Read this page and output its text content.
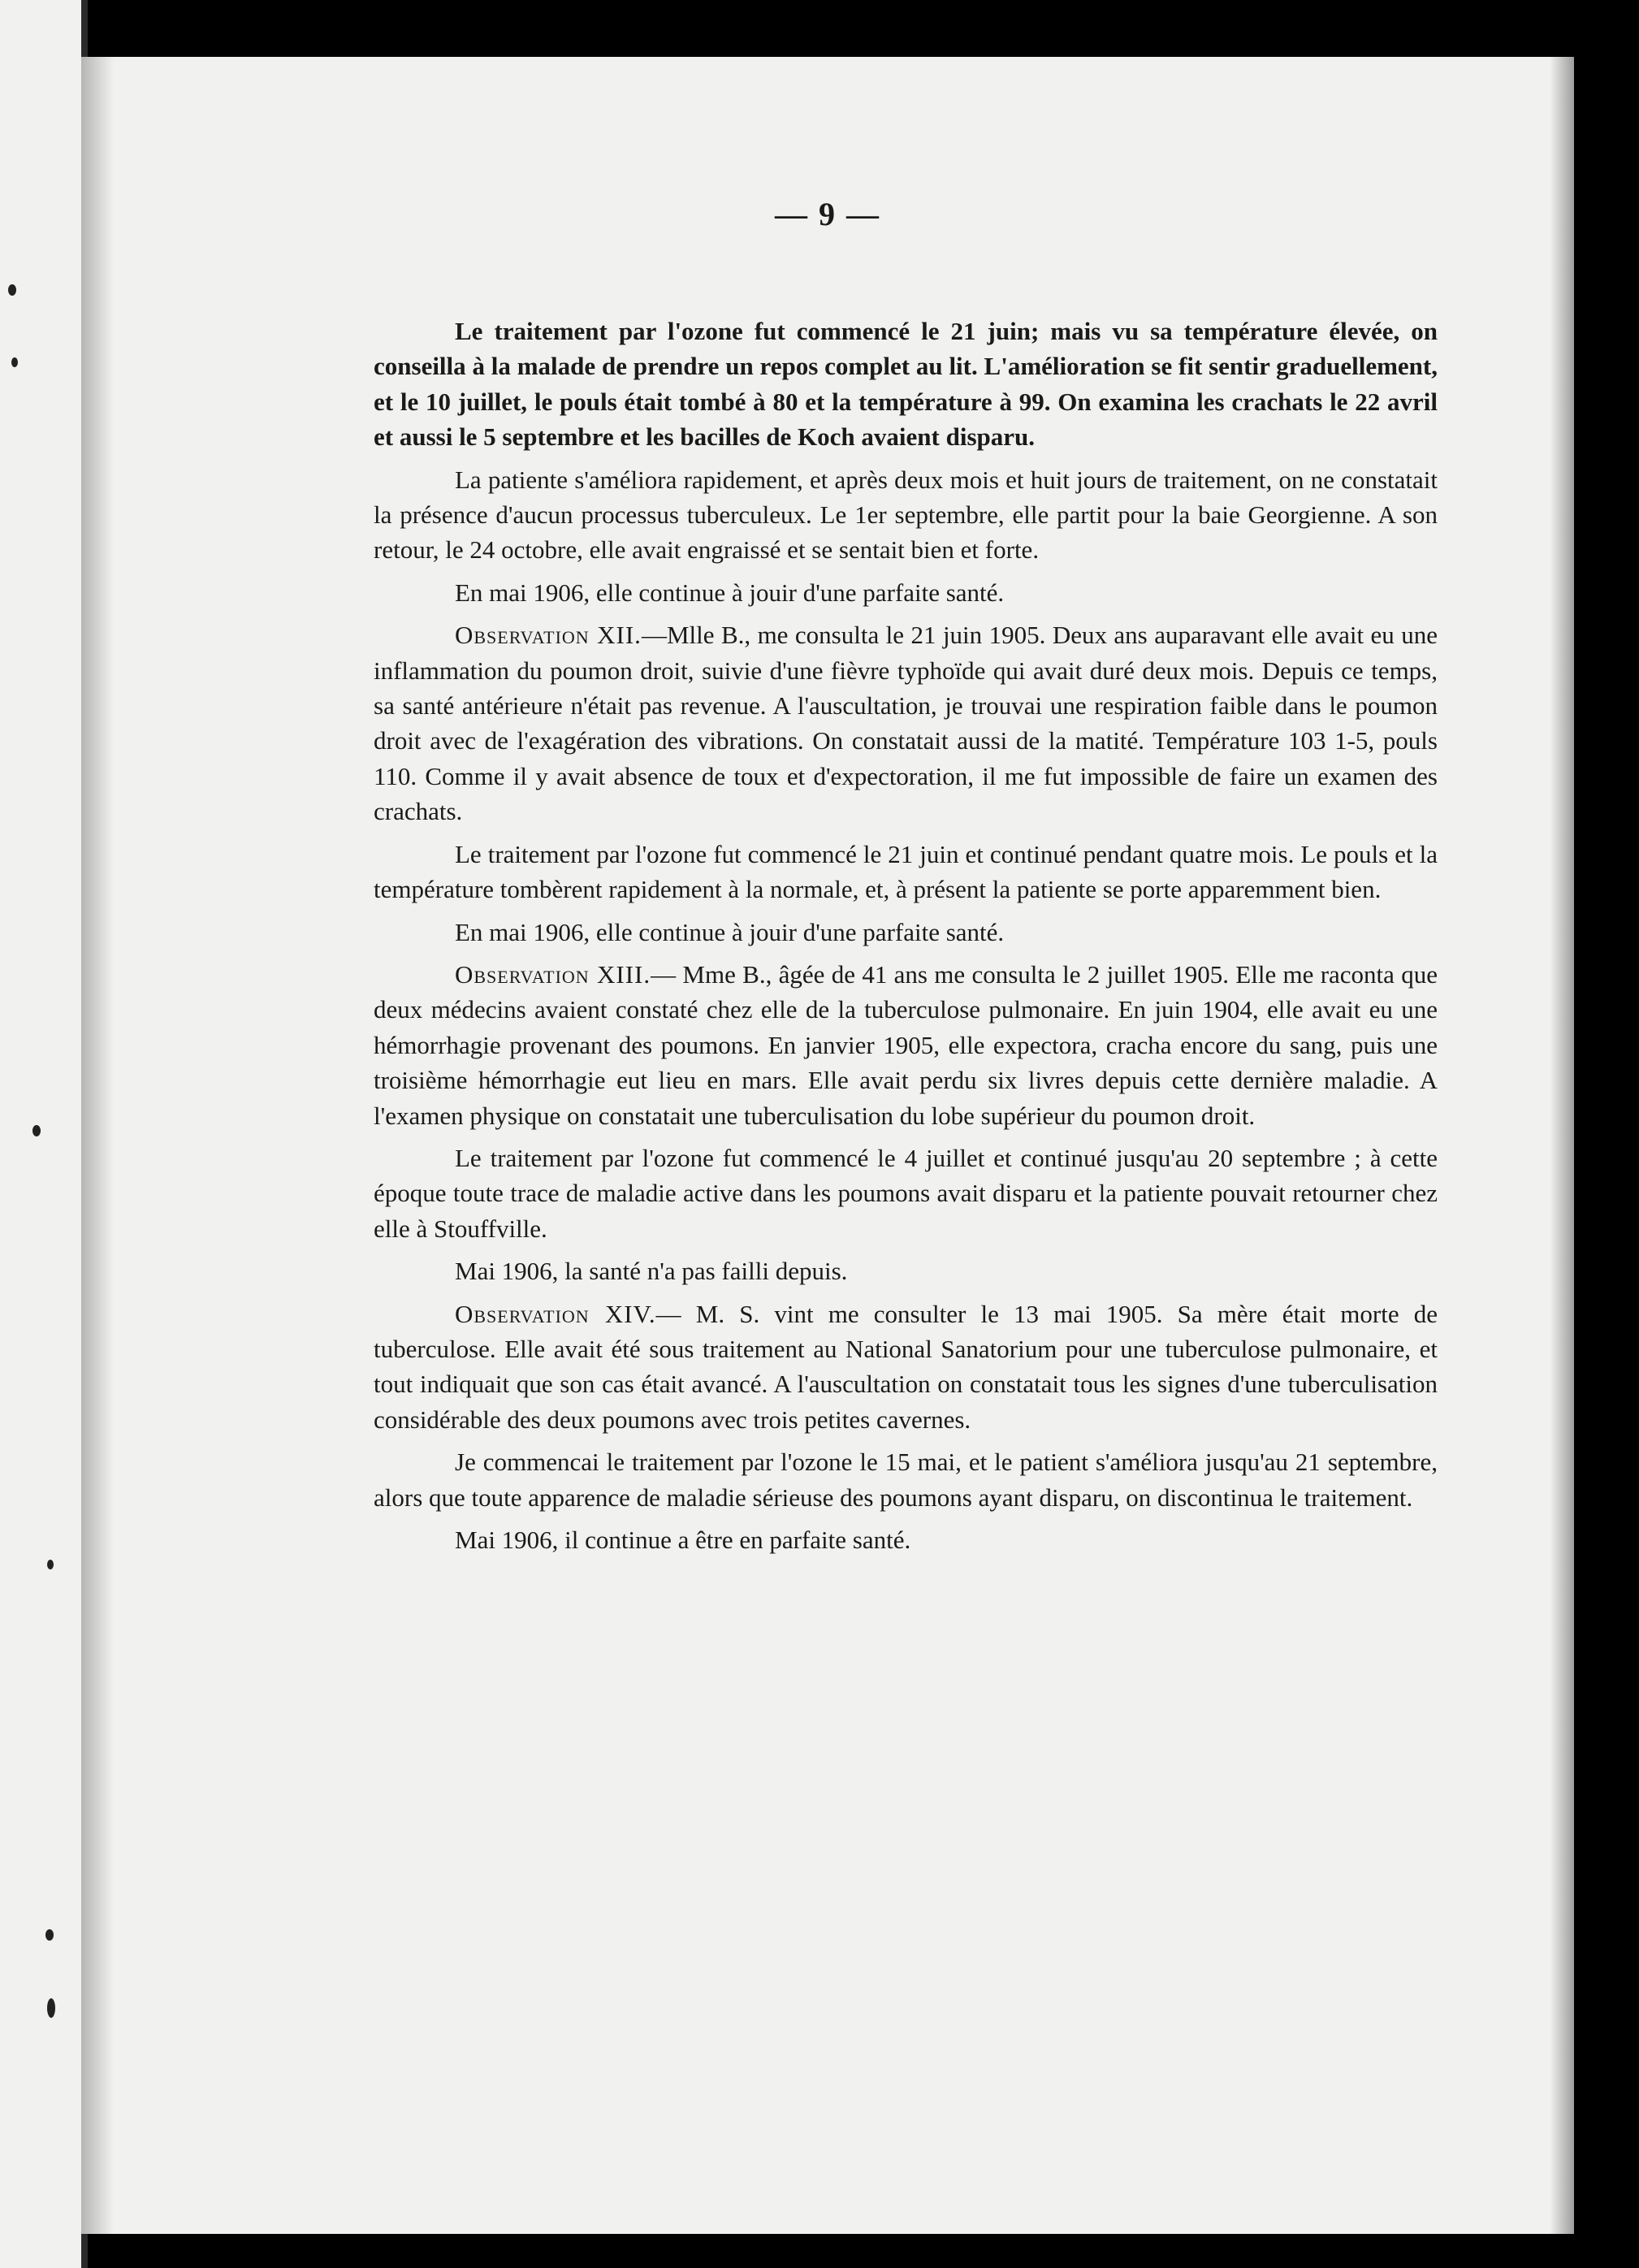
— 9 —

Le traitement par l'ozone fut commencé le 21 juin; mais vu sa température élevée, on conseilla à la malade de prendre un repos complet au lit. L'amélioration se fit sentir graduellement, et le 10 juillet, le pouls était tombé à 80 et la température à 99. On examina les crachats le 22 avril et aussi le 5 septembre et les bacilles de Koch avaient disparu.

La patiente s'améliora rapidement, et après deux mois et huit jours de traitement, on ne constatait la présence d'aucun processus tuberculeux. Le 1er septembre, elle partit pour la baie Georgienne. A son retour, le 24 octobre, elle avait engraissé et se sentait bien et forte.

En mai 1906, elle continue à jouir d'une parfaite santé.

Observation XII.—Mlle B., me consulta le 21 juin 1905. Deux ans auparavant elle avait eu une inflammation du poumon droit, suivie d'une fièvre typhoïde qui avait duré deux mois. Depuis ce temps, sa santé antérieure n'était pas revenue. A l'auscultation, je trouvai une respiration faible dans le poumon droit avec de l'exagération des vibrations. On constatait aussi de la matité. Température 103 1-5, pouls 110. Comme il y avait absence de toux et d'expectoration, il me fut impossible de faire un examen des crachats.

Le traitement par l'ozone fut commencé le 21 juin et continué pendant quatre mois. Le pouls et la température tombèrent rapidement à la normale, et, à présent la patiente se porte apparemment bien.

En mai 1906, elle continue à jouir d'une parfaite santé.

Observation XIII.— Mme B., âgée de 41 ans me consulta le 2 juillet 1905. Elle me raconta que deux médecins avaient constaté chez elle de la tuberculose pulmonaire. En juin 1904, elle avait eu une hémorrhagie provenant des poumons. En janvier 1905, elle expectora, cracha encore du sang, puis une troisième hémorrhagie eut lieu en mars. Elle avait perdu six livres depuis cette dernière maladie. A l'examen physique on constatait une tuberculisation du lobe supérieur du poumon droit.

Le traitement par l'ozone fut commencé le 4 juillet et continué jusqu'au 20 septembre ; à cette époque toute trace de maladie active dans les poumons avait disparu et la patiente pouvait retourner chez elle à Stouffville.

Mai 1906, la santé n'a pas failli depuis.

Observation XIV.— M. S. vint me consulter le 13 mai 1905. Sa mère était morte de tuberculose. Elle avait été sous traitement au National Sanatorium pour une tuberculose pulmonaire, et tout indiquait que son cas était avancé. A l'auscultation on constatait tous les signes d'une tuberculisation considérable des deux poumons avec trois petites cavernes.

Je commencai le traitement par l'ozone le 15 mai, et le patient s'améliora jusqu'au 21 septembre, alors que toute apparence de maladie sérieuse des poumons ayant disparu, on discontinua le traitement.

Mai 1906, il continue a être en parfaite santé.
